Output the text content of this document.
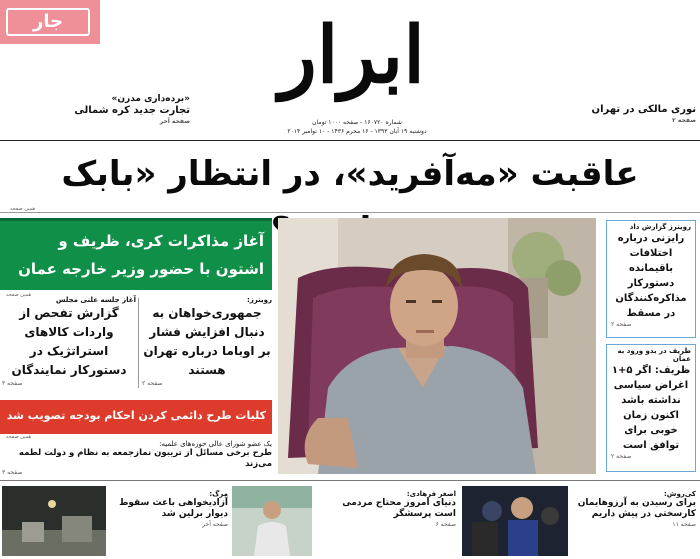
جار
«برده‌داری مدرن»
تجارت جدید کره شمالی
صفحه آخر
ابرار
شماره ۱۶۰۷۲۰ - صفحه ۱۰۰۰ تومان
دوشنبه ۱۹ آبان ۱۳۹۳ - ۱۶ محرم ۱۴۳۶ - ۱۰ نوامبر ۲۰۱۴
نوری مالکی در تهران
صفحه ۲
عاقبت «مه‌آفرید»، در انتظار «بابک
همین صفحه
آغاز مذاکرات کری، ظریف و اشتون با حضور وزیر خارجه عمان
همین صفحه
رویترز:
جمهوری‌خواهان به دنبال افزایش فشار بر اوباما درباره تهران هستند
صفحه ۲
آغاز جلسه علنی مجلس
گزارش تفحص از واردات کالاهای استراتژیک در دستورکار نمایندگان
صفحه ۳
کلیات طرح دائمی کردن احکام بودجه تصویب شد
همین صفحه
یک عضو شورای عالی حوزه‌های علمیه:
طرح برخی مسائل از تریبون نمازجمعه به نظام و دولت لطمه می‌زند
صفحه ۳
رویترز گزارش داد
رایزنی درباره اختلافات باقیمانده دستورکار مذاکره‌کنندگان در مسقط
صفحه ۲
ظریف در بدو ورود به عمان
ظریف: اگر ۵+۱ اغراض سیاسی نداشته باشد اکنون زمان خوبی برای توافق است
صفحه ۲
کی‌روش:
برای رسیدن به آرزوهایمان کارسختی در پیش داریم
صفحه ۱۱
اصغر فرهادی:
دنیای امروز محتاج مردمی است پرسشگر
صفحه ۶
مرگ:
آزادیخواهی باعث سقوط دیوار برلین شد
صفحه آخر
